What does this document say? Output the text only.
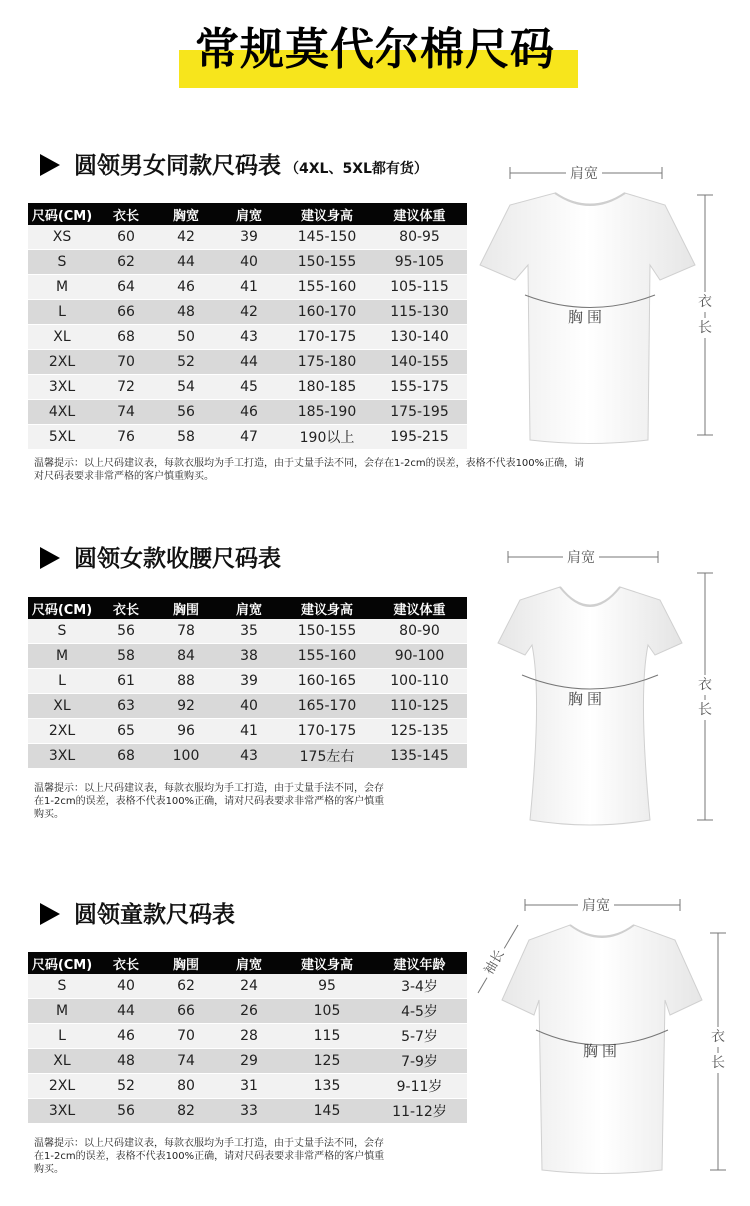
常规莫代尔棉尺码
圆领男女同款尺码表 （4XL、5XL都有货）
尺码(CM)	衣长	胸宽	肩宽	建议身高	建议体重
XS	60	42	39	145-150	80-95
S	62	44	40	150-155	95-105
M	64	46	41	155-160	105-115
L	66	48	42	160-170	115-130
XL	68	50	43	170-175	130-140
2XL	70	52	44	175-180	140-155
3XL	72	54	45	180-185	155-175
4XL	74	56	46	185-190	175-195
5XL	76	58	47	190以上	195-215
温馨提示：以上尺码建议表，每款衣服均为手工打造，由于丈量手法不同，会存在1-2cm的误差，表格不代表100%正确，请
对尺码表要求非常严格的客户慎重购买。
肩宽
胸围
衣
长
圆领女款收腰尺码表
尺码(CM)	衣长	胸围	肩宽	建议身高	建议体重
S	56	78	35	150-155	80-90
M	58	84	38	155-160	90-100
L	61	88	39	160-165	100-110
XL	63	92	40	165-170	110-125
2XL	65	96	41	170-175	125-135
3XL	68	100	43	175左右	135-145
温馨提示：以上尺码建议表，每款衣服均为手工打造，由于丈量手法不同，会存
在1-2cm的误差，表格不代表100%正确，请对尺码表要求非常严格的客户慎重
购买。
肩宽
胸围
衣
长
圆领童款尺码表
尺码(CM)	衣长	胸围	肩宽	建议身高	建议年龄
S	40	62	24	95	3-4岁
M	44	66	26	105	4-5岁
L	46	70	28	115	5-7岁
XL	48	74	29	125	7-9岁
2XL	52	80	31	135	9-11岁
3XL	56	82	33	145	11-12岁
温馨提示：以上尺码建议表，每款衣服均为手工打造，由于丈量手法不同，会存
在1-2cm的误差，表格不代表100%正确，请对尺码表要求非常严格的客户慎重
购买。
肩宽
袖长
胸围
衣
长
